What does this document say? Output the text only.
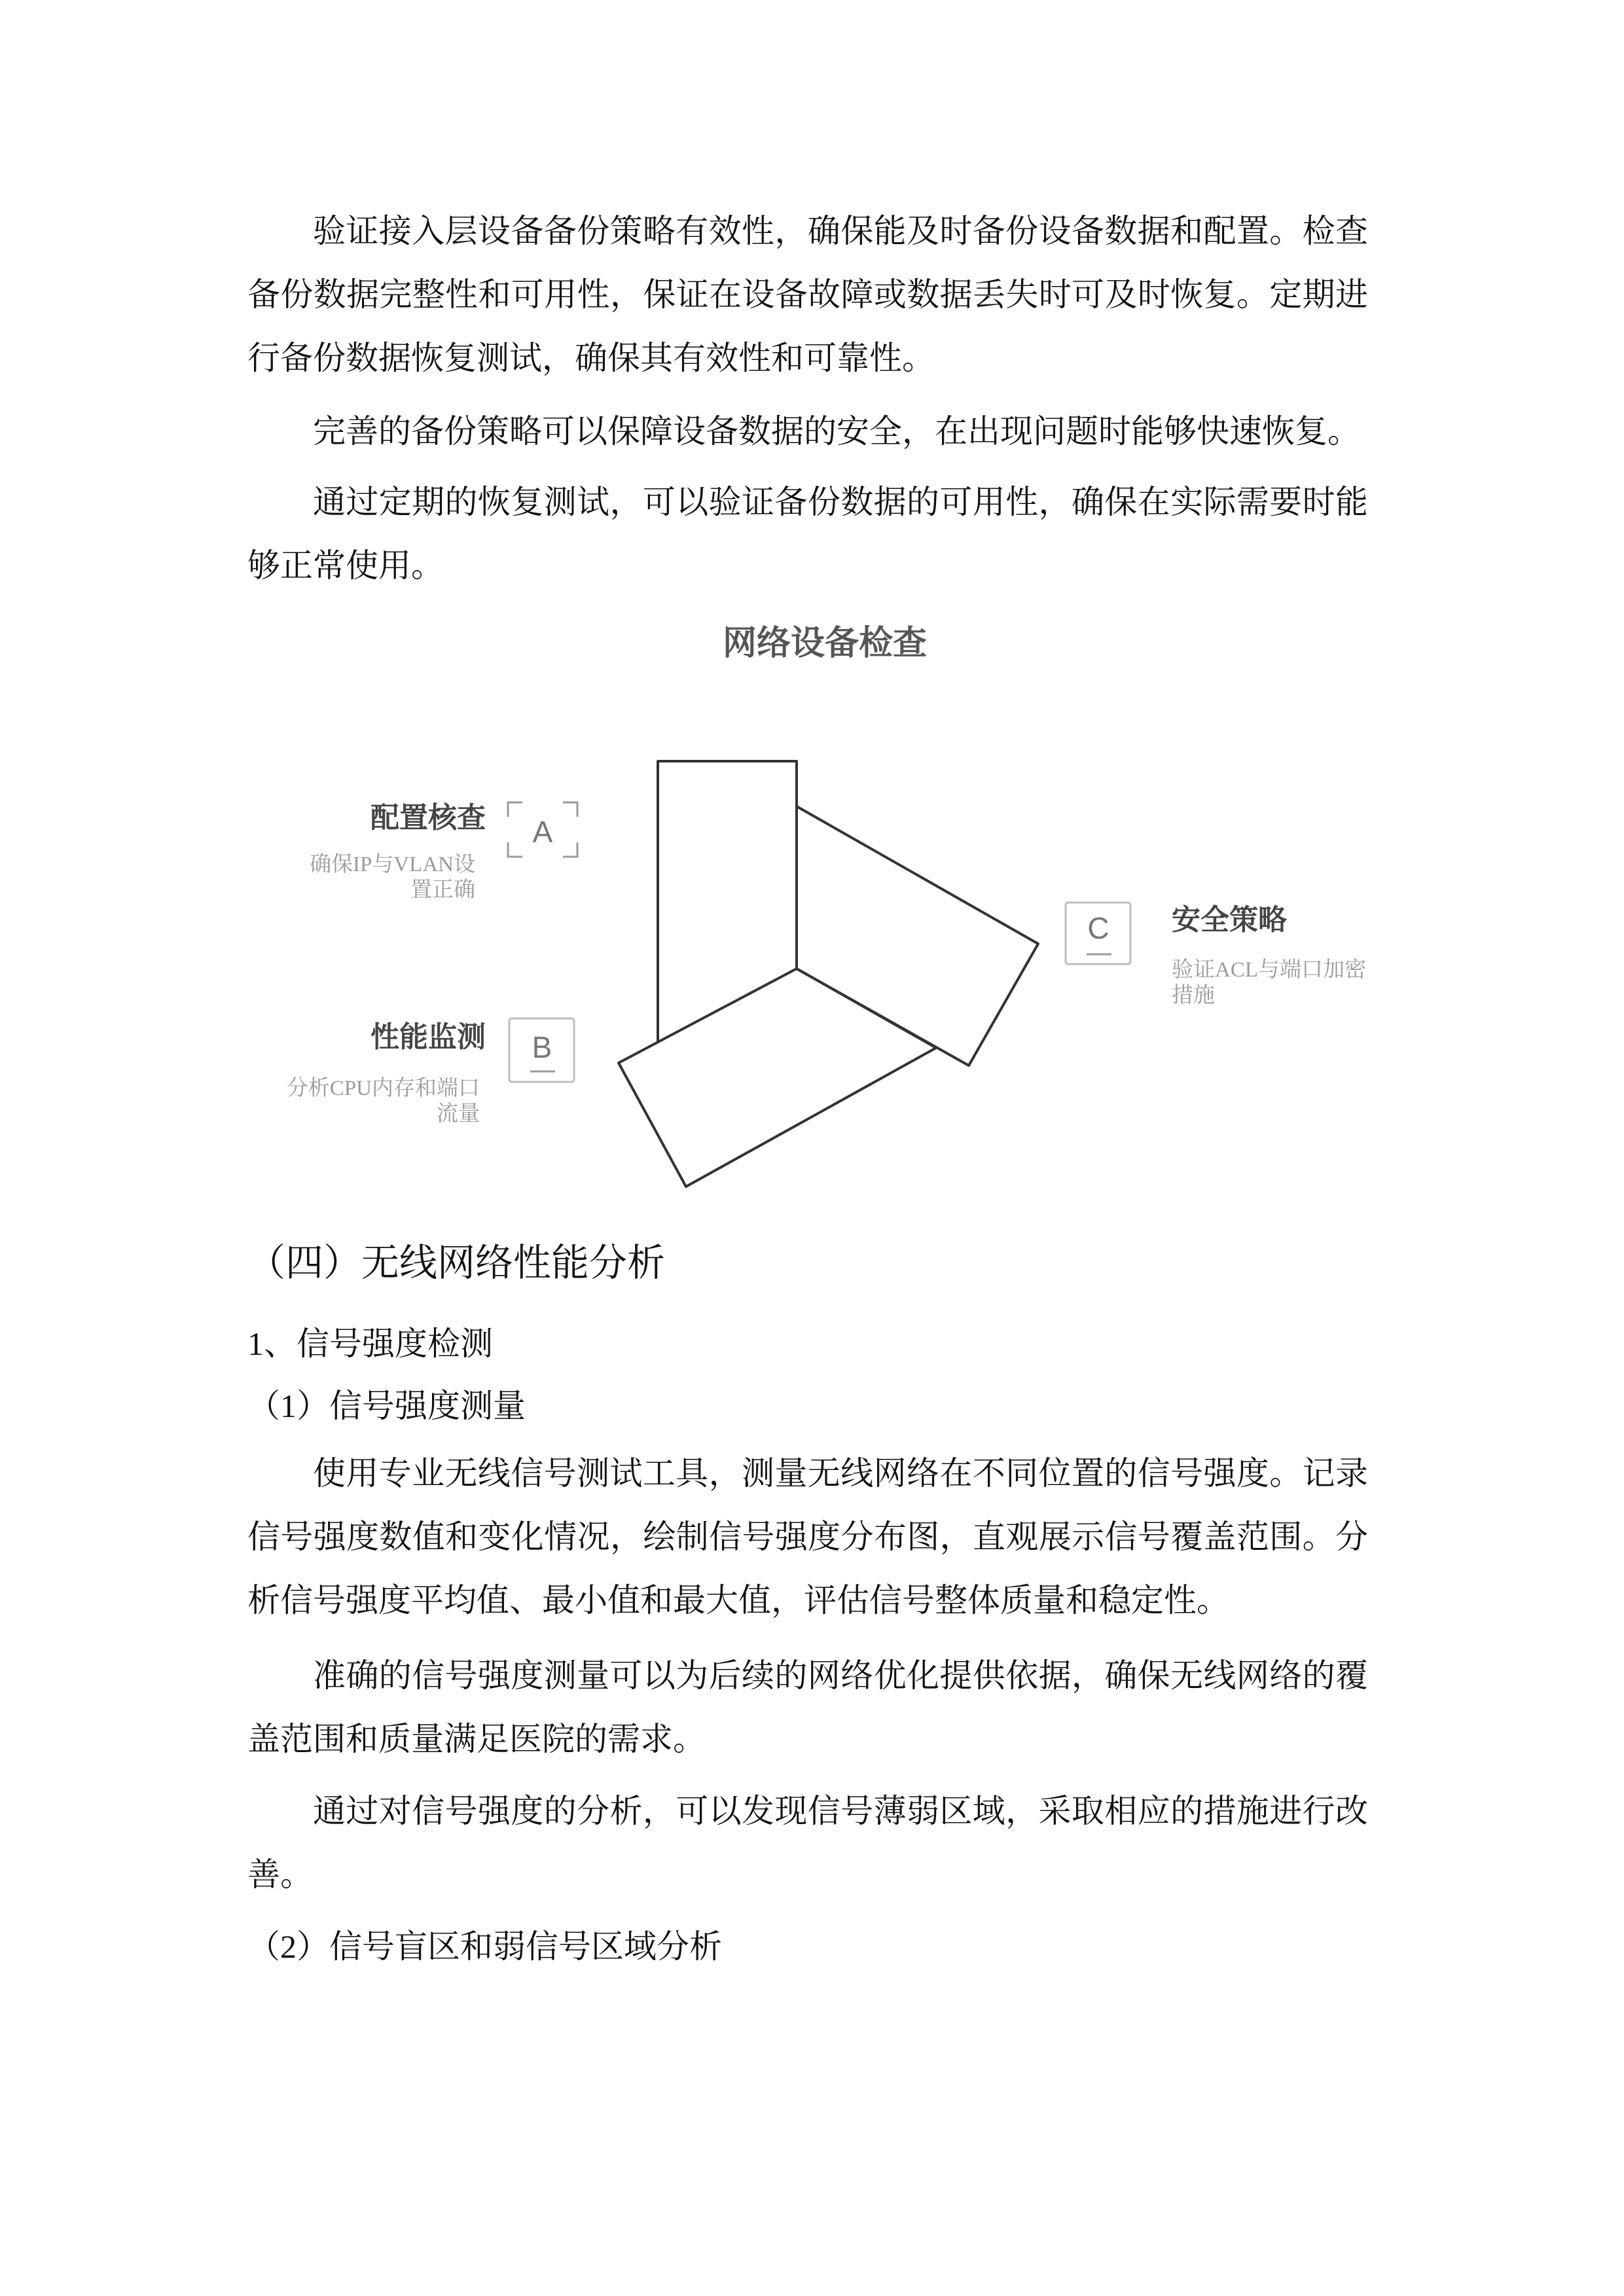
验证接入层设备备份策略有效性，确保能及时备份设备数据和配置。检查备份数据完整性和可用性，保证在设备故障或数据丢失时可及时恢复。定期进行备份数据恢复测试，确保其有效性和可靠性。

完善的备份策略可以保障设备数据的安全，在出现问题时能够快速恢复。

通过定期的恢复测试，可以验证备份数据的可用性，确保在实际需要时能够正常使用。

网络设备检查
A
B
C
配置核查
确保IP与VLAN设
置正确
性能监测
分析CPU内存和端口
流量
安全策略
验证ACL与端口加密
措施
（四）无线网络性能分析
1、信号强度检测
（1）信号强度测量

使用专业无线信号测试工具，测量无线网络在不同位置的信号强度。记录信号强度数值和变化情况，绘制信号强度分布图，直观展示信号覆盖范围。分析信号强度平均值、最小值和最大值，评估信号整体质量和稳定性。

准确的信号强度测量可以为后续的网络优化提供依据，确保无线网络的覆盖范围和质量满足医院的需求。

通过对信号强度的分析，可以发现信号薄弱区域，采取相应的措施进行改善。

（2）信号盲区和弱信号区域分析
